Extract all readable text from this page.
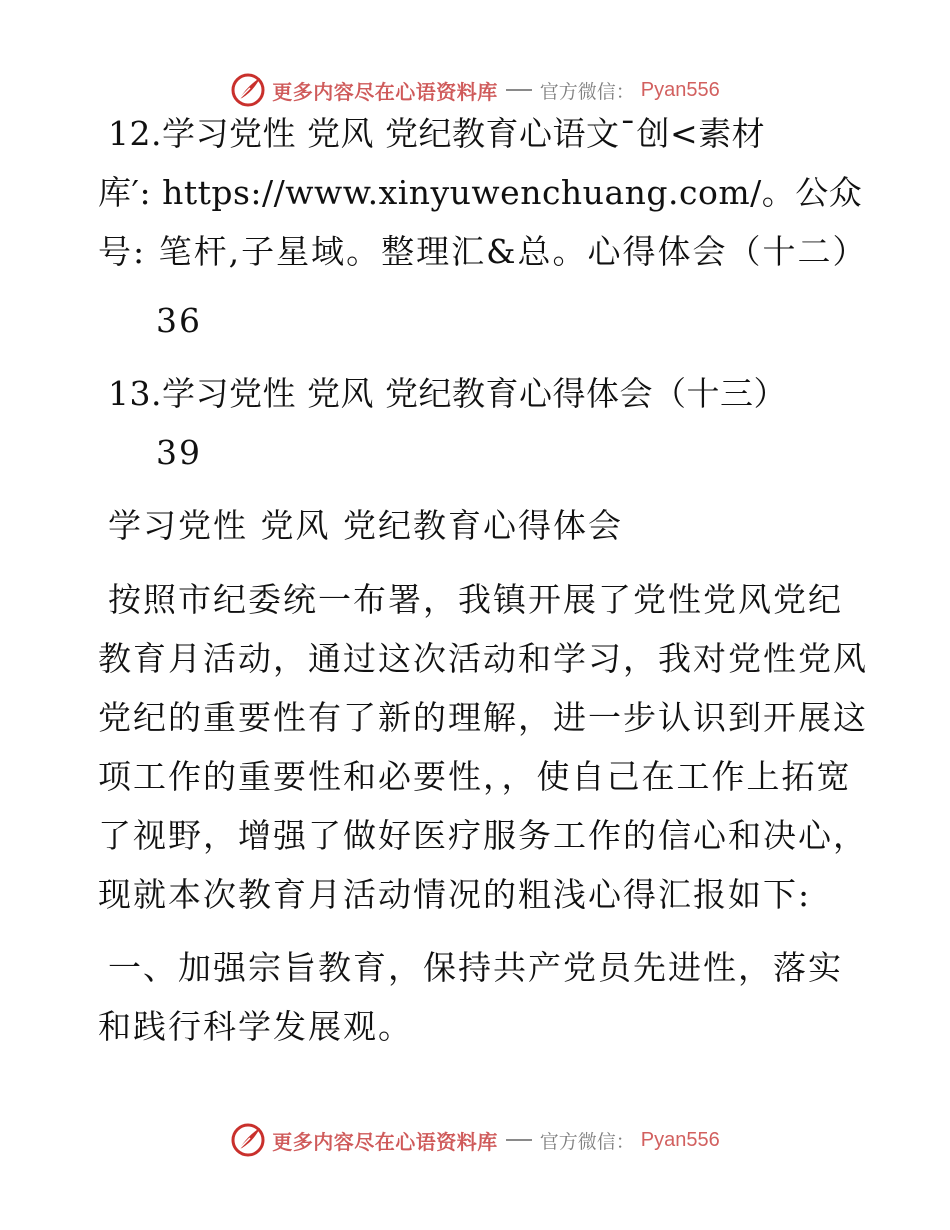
更多内容尽在心语资料库 官方微信： Pyan556
12.学习党性 党风 党纪教育心语文¯创<素材
库′: https://www.xinyuwenchuang.com/。公众
号: 笔杆,子星域。整理汇&总。心得体会（十二）
36
13.学习党性 党风 党纪教育心得体会（十三）
39
学习党性 党风 党纪教育心得体会
按照市纪委统一布署，我镇开展了党性党风党纪
教育月活动，通过这次活动和学习，我对党性党风
党纪的重要性有了新的理解，进一步认识到开展这
项工作的重要性和必要性，，使自己在工作上拓宽
了视野，增强了做好医疗服务工作的信心和决心，
现就本次教育月活动情况的粗浅心得汇报如下:
一、加强宗旨教育，保持共产党员先进性，落实
和践行科学发展观。
更多内容尽在心语资料库 官方微信： Pyan556
